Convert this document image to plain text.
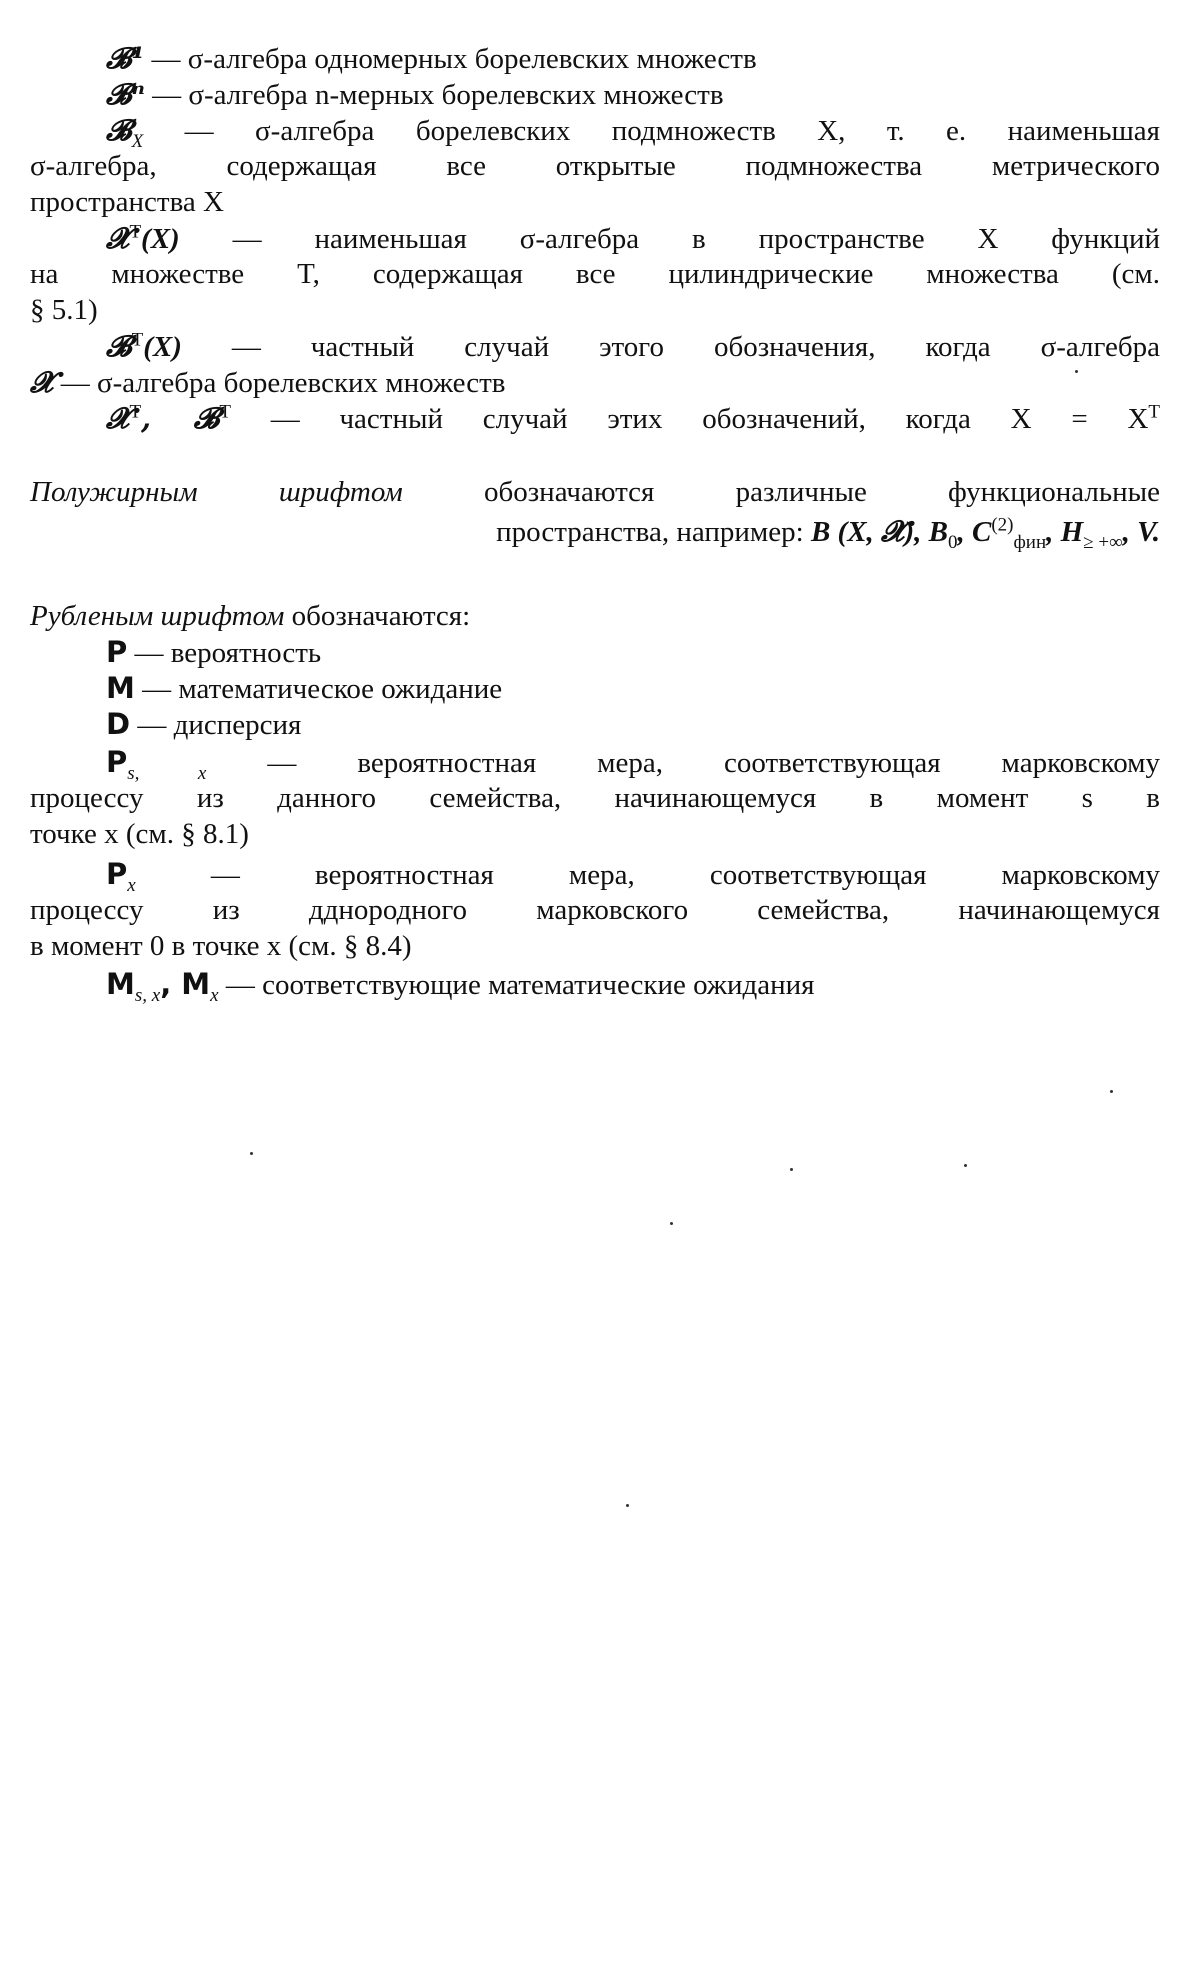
𝓑¹ — σ-алгебра одномерных борелевских множеств
𝓑ⁿ — σ-алгебра n-мерных борелевских множеств
𝓑$_X$ — σ-алгебра борелевских подмножеств X, т. е. наименьшая
σ-алгебра, содержащая все открытые подмножества метрического
пространства X
𝓧$^T$(X) — наименьшая σ-алгебра в пространстве X функций
на множестве T, содержащая все цилиндрические множества (см.
§ 5.1)
𝓑$^T$(X) — частный случай этого обозначения, когда σ-алгебра
𝓧 — σ-алгебра борелевских множеств
𝓧$^T$, 𝓑$^T$ — частный случай этих обозначений, когда $X = X^T$
Полужирным шрифтом обозначаются различные функциональные
пространства, например: B (X, 𝓧), $B_0$, $C^{(2)}_{фин}$, $H_{\ge +\infty}$, V.
Рубленым шрифтом обозначаются:
P — вероятность
M — математическое ожидание
D — дисперсия
$P_{s, x}$ — вероятностная мера, соответствующая марковскому
процессу из данного семейства, начинающемуся в момент s в
точке x (см. § 8.1)
$P_x$ — вероятностная мера, соответствующая марковскому
процессу из дднородного марковского семейства, начинающемуся
в момент 0 в точке x (см. § 8.4)
$M_{s, x}$, $M_x$ — соответствующие математические ожидания
